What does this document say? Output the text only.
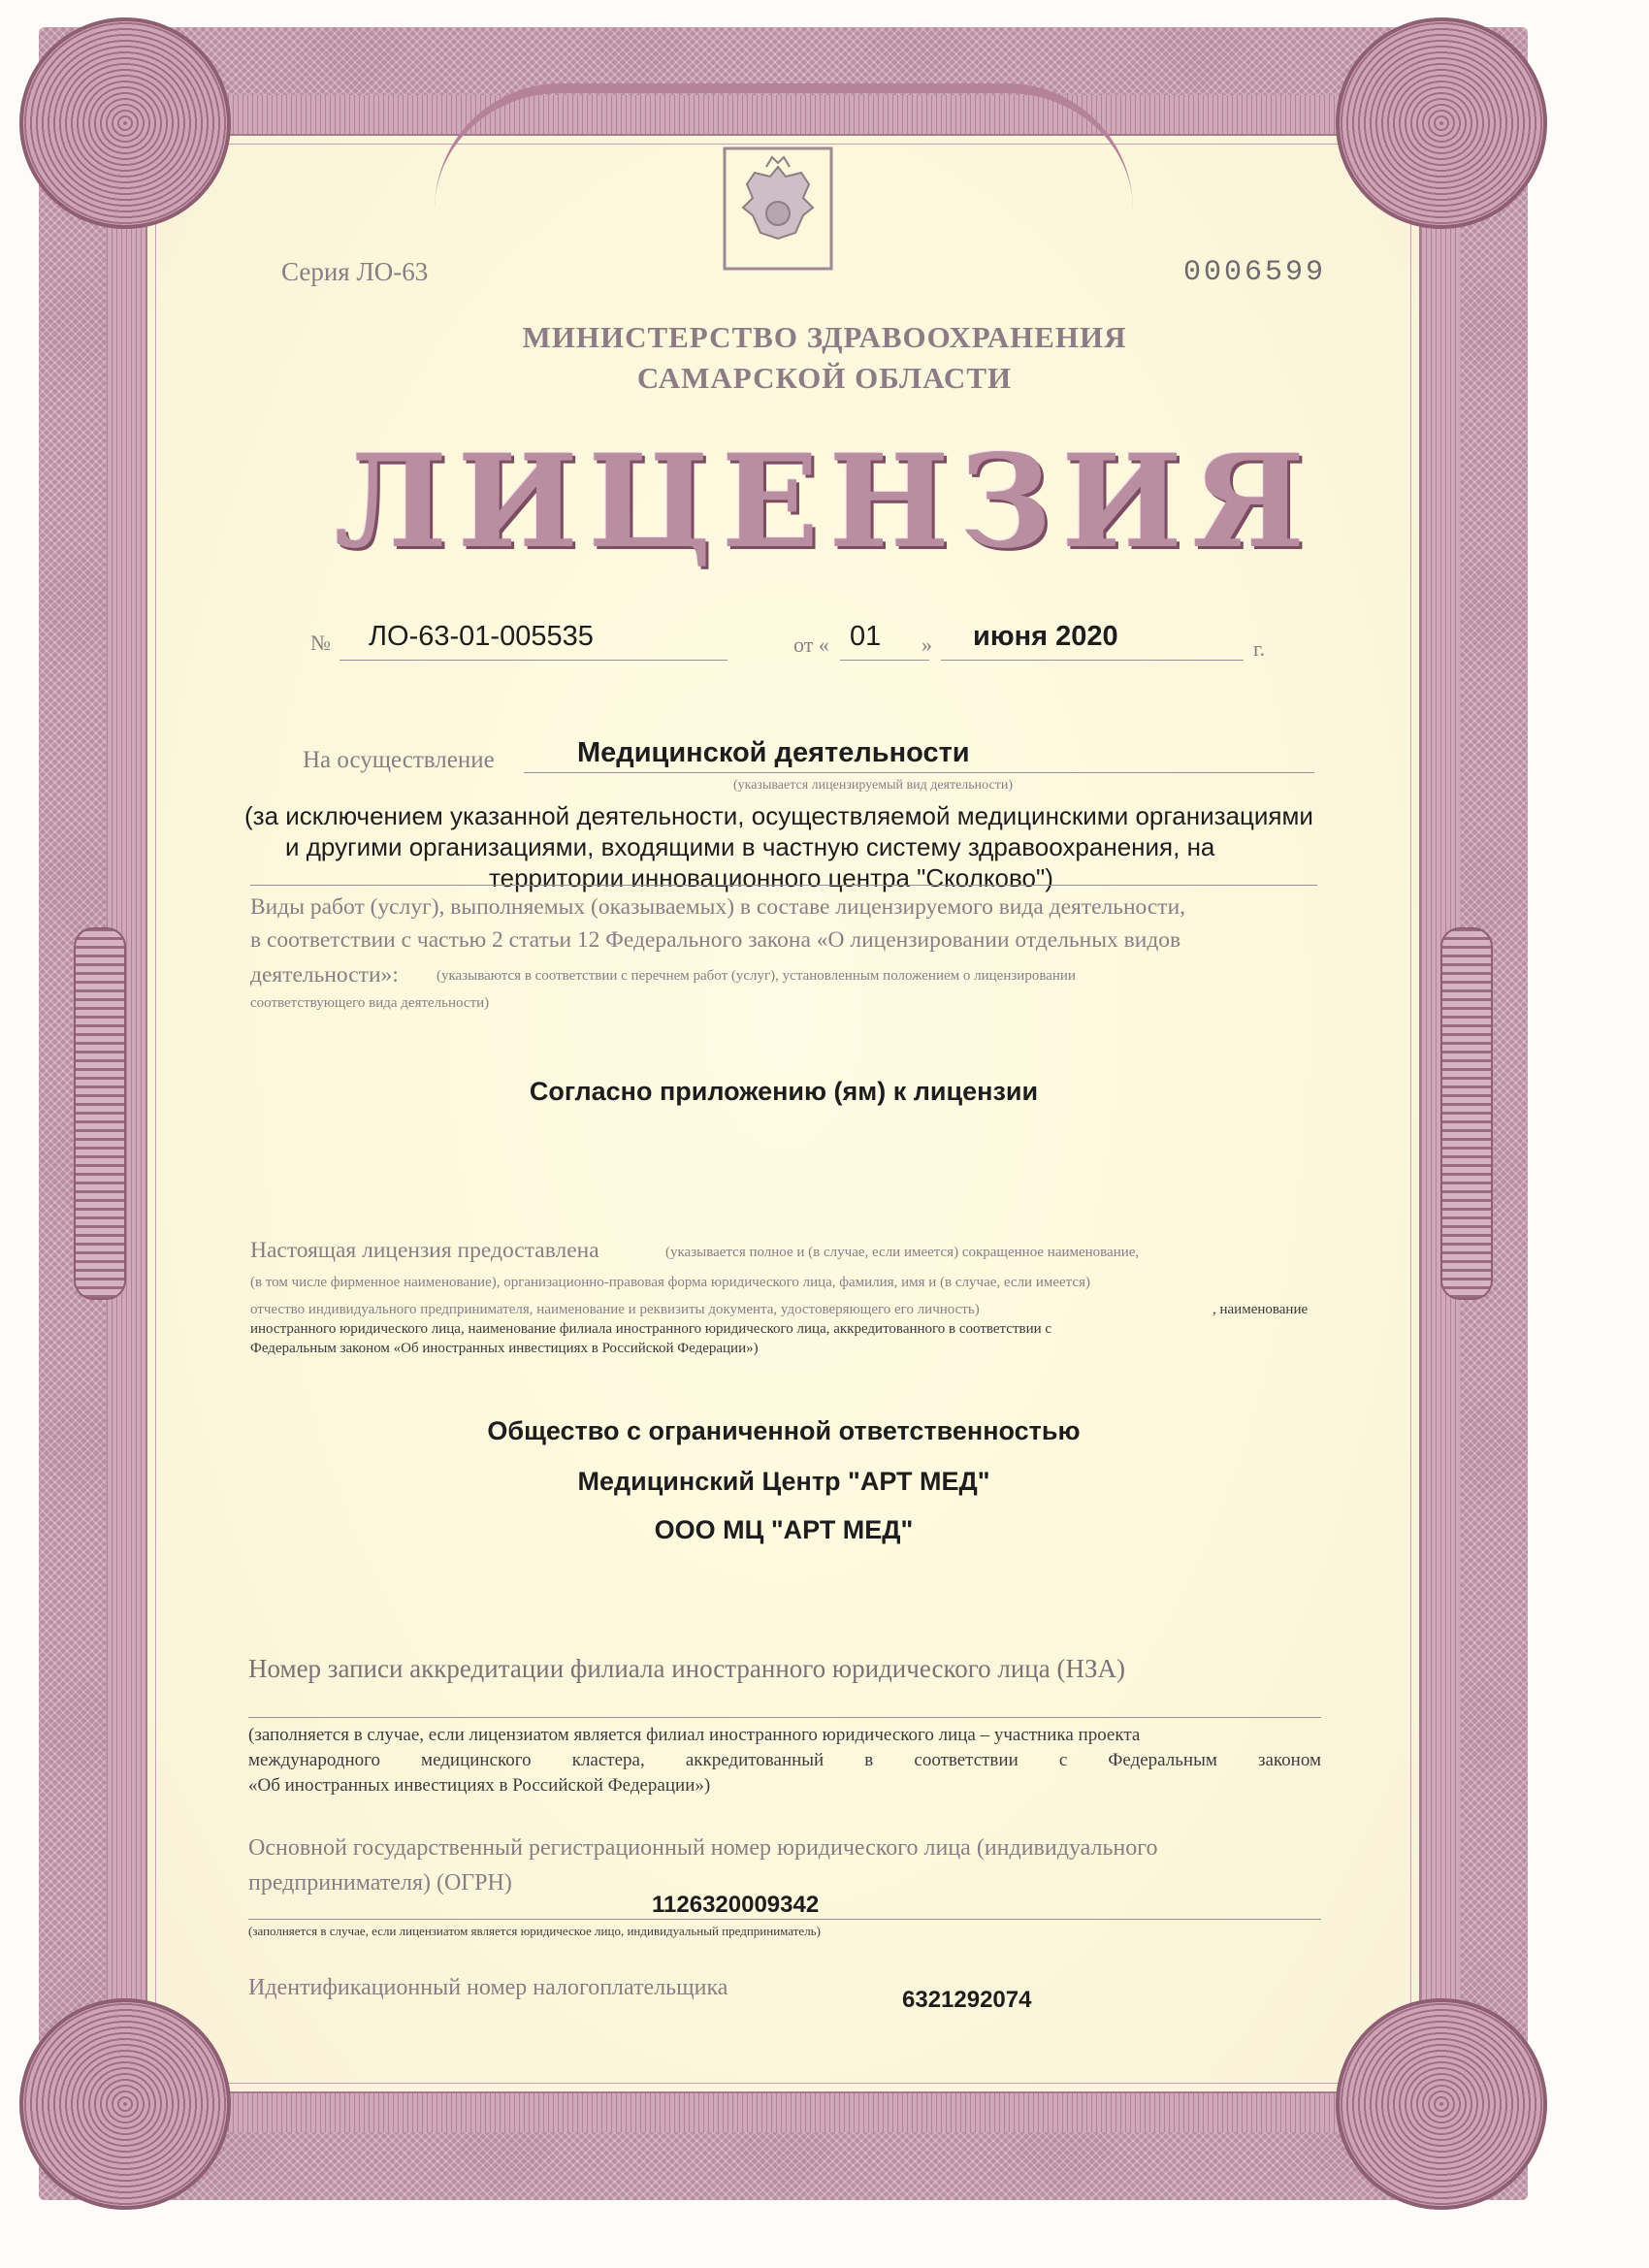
Серия ЛО-63	0006599
МИНИСТЕРСТВО ЗДРАВООХРАНЕНИЯ
САМАРСКОЙ ОБЛАСТИ
ЛИЦЕНЗИЯ
№ ЛО-63-01-005535	от « 01 » июня 2020	г.
На осуществление	Медицинской деятельности
(указывается лицензируемый вид деятельности)
(за исключением указанной деятельности, осуществляемой медицинскими организациями
и другими организациями, входящими в частную систему здравоохранения, на
территории инновационного центра "Сколково")
Виды работ (услуг), выполняемых (оказываемых) в составе лицензируемого вида деятельности,
в соответствии с частью 2 статьи 12 Федерального закона «О лицензировании отдельных видов
деятельности»:	(указываются в соответствии с перечнем работ (услуг), установленным положением о лицензировании
соответствующего вида деятельности)
Согласно приложению (ям) к лицензии
Настоящая лицензия предоставлена	(указывается полное и (в случае, если имеется) сокращенное наименование,
(в том числе фирменное наименование), организационно-правовая форма юридического лица, фамилия, имя и (в случае, если имеется)
отчество индивидуального предпринимателя, наименование и реквизиты документа, удостоверяющего его личность)	, наименование
иностранного юридического лица, наименование филиала иностранного юридического лица, аккредитованного в соответствии с
Федеральным законом «Об иностранных инвестициях в Российской Федерации»)
Общество с ограниченной ответственностью
Медицинский Центр "АРТ МЕД"
ООО МЦ "АРТ МЕД"
Номер записи аккредитации филиала иностранного юридического лица (НЗА)
(заполняется в случае, если лицензиатом является филиал иностранного юридического лица – участника проекта
международного медицинского кластера, аккредитованный в соответствии с Федеральным законом
«Об иностранных инвестициях в Российской Федерации»)
Основной государственный регистрационный номер юридического лица (индивидуального
предпринимателя) (ОГРН)
1126320009342
(заполняется в случае, если лицензиатом является юридическое лицо, индивидуальный предприниматель)
Идентификационный номер налогоплательщика	6321292074
